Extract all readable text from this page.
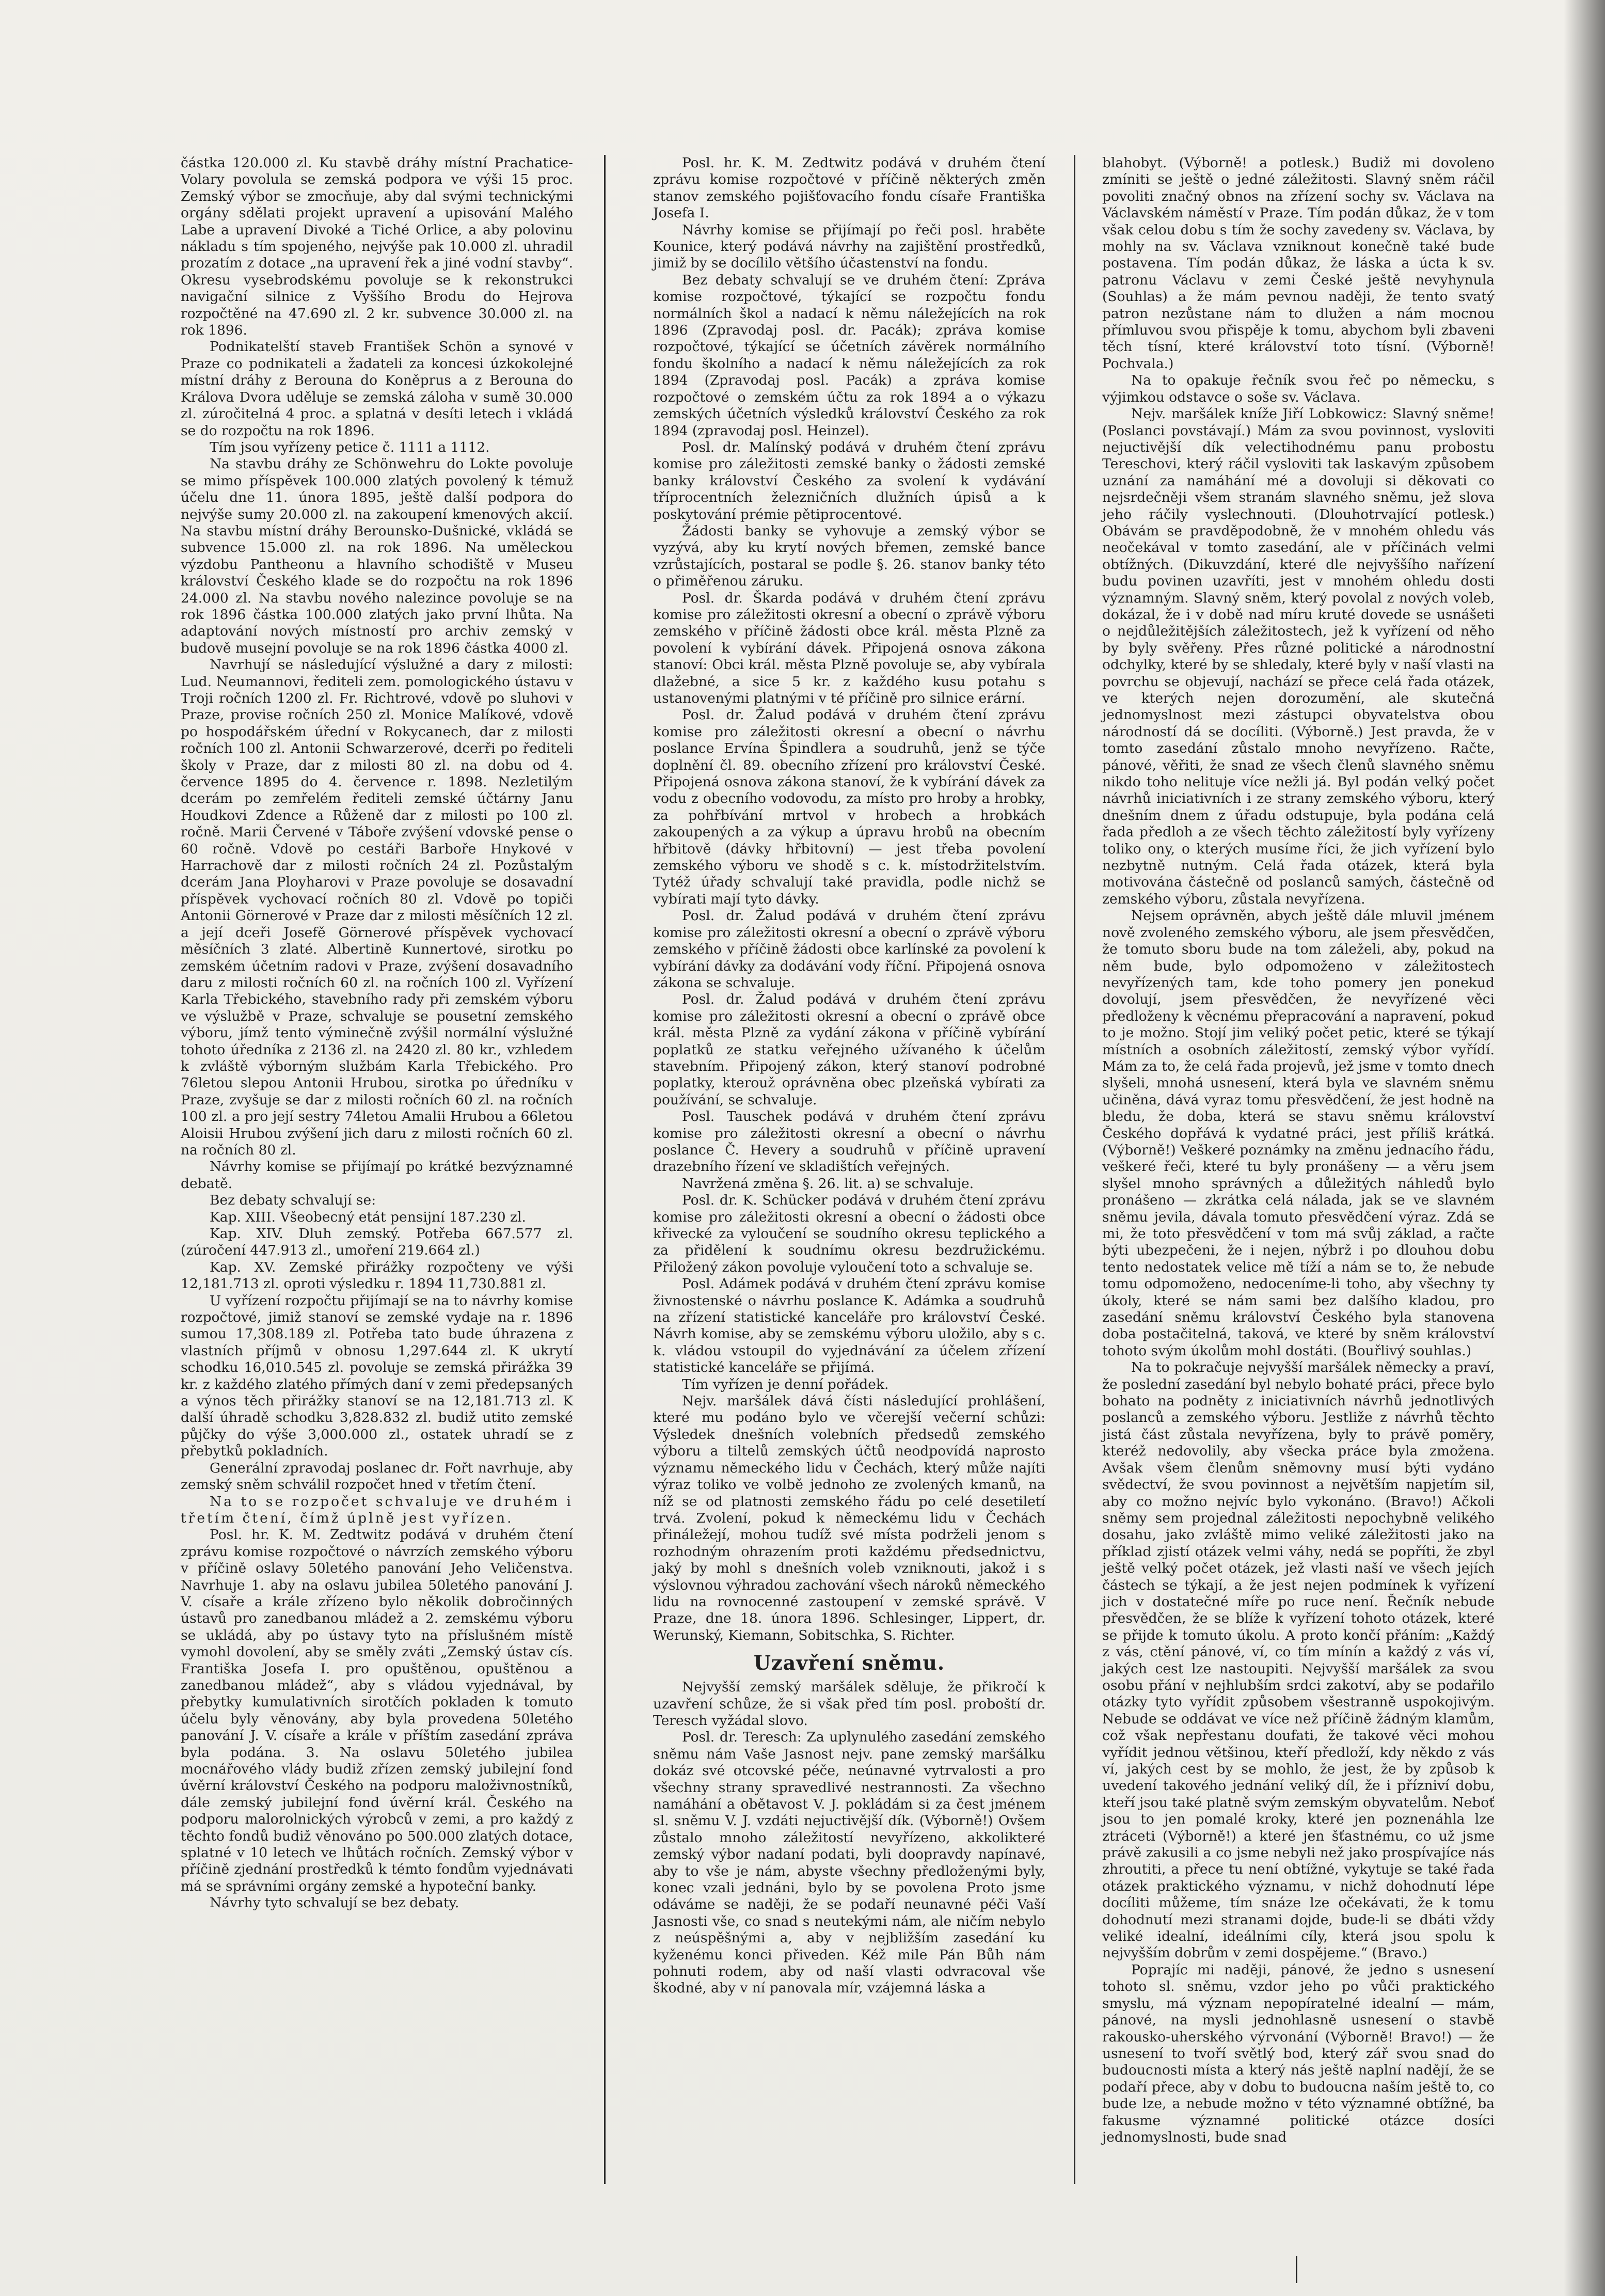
částka 120.000 zl. Ku stavbě dráhy místní Prachatice-Volary povolula se zemská podpora ve výši 15 proc. Zemský výbor se zmocňuje, aby dal svými technickými orgány sdělati projekt upravení a upisování Malého Labe a upravení Divoké a Tiché Orlice, a aby polovinu nákladu s tím spojeného, nejvýše pak 10.000 zl. uhradil prozatím z dotace „na upravení řek a jiné vodní stavby“. Okresu vysebrodskému povoluje se k rekonstrukci navigační silnice z Vyššího Brodu do Hejrova rozpočtěné na 47.690 zl. 2 kr. subvence 30.000 zl. na rok 1896.

Podnikatelští staveb František Schön a synové v Praze co podnikateli a žadateli za koncesi úzkokolejné místní dráhy z Berouna do Koněprus a z Berouna do Králova Dvora uděluje se zemská záloha v sumě 30.000 zl. zúročitelná 4 proc. a splatná v desíti letech i vkládá se do rozpočtu na rok 1896.

Tím jsou vyřízeny petice č. 1111 a 1112.

Na stavbu dráhy ze Schönwehru do Lokte povoluje se mimo příspěvek 100.000 zlatých povolený k témuž účelu dne 11. února 1895, ještě další podpora do nejvýše sumy 20.000 zl. na zakoupení kmenových akcií. Na stavbu místní dráhy Berounsko-Dušnické, vkládá se subvence 15.000 zl. na rok 1896. Na uměleckou výzdobu Pantheonu a hlavního schodiště v Museu království Českého klade se do rozpočtu na rok 1896 24.000 zl. Na stavbu nového nalezince povoluje se na rok 1896 částka 100.000 zlatých jako první lhůta. Na adaptování nových místností pro archiv zemský v budově musejní povoluje se na rok 1896 částka 4000 zl.

Navrhují se následující výslužné a dary z milosti: Lud. Neumannovi, řediteli zem. pomologického ústavu v Troji ročních 1200 zl. Fr. Richtrové, vdově po sluhovi v Praze, provise ročních 250 zl. Monice Malíkové, vdově po hospodářském úřední v Rokycanech, dar z milosti ročních 100 zl. Antonii Schwarzerové, dcerři po řediteli školy v Praze, dar z milosti 80 zl. na dobu od 4. července 1895 do 4. července r. 1898. Nezletilým dcerám po zemřelém řediteli zemské účtárny Janu Houdkovi Zdence a Růženě dar z milosti po 100 zl. ročně. Marii Červené v Táboře zvýšení vdovské pense o 60 ročně. Vdově po cestáři Barboře Hnykové v Harrachově dar z milosti ročních 24 zl. Pozůstalým dcerám Jana Ployharovi v Praze povoluje se dosavadní příspěvek vychovací ročních 80 zl. Vdově po topiči Antonii Görnerové v Praze dar z milosti měsíčních 12 zl. a její dceři Josefě Görnerové příspěvek vychovací měsíčních 3 zlaté. Albertině Kunnertové, sirotku po zemském účetním radovi v Praze, zvýšení dosavadního daru z milosti ročních 60 zl. na ročních 100 zl. Vyřízení Karla Třebického, stavebního rady při zemském výboru ve výslužbě v Praze, schvaluje se pousetní zemského výboru, jímž tento výminečně zvýšil normální výslužné tohoto úředníka z 2136 zl. na 2420 zl. 80 kr., vzhledem k zvláště výborným službám Karla Třebického. Pro 76letou slepou Antonii Hrubou, sirotka po úředníku v Praze, zvyšuje se dar z milosti ročních 60 zl. na ročních 100 zl. a pro její sestry 74letou Amalii Hrubou a 66letou Aloisii Hrubou zvýšení jich daru z milosti ročních 60 zl. na ročních 80 zl.

Návrhy komise se přijímají po krátké bezvýznamné debatě.

Bez debaty schvalují se:

Kap. XIII. Všeobecný etát pensijní 187.230 zl.

Kap. XIV. Dluh zemský. Potřeba 667.577 zl. (zúročení 447.913 zl., umoření 219.664 zl.)

Kap. XV. Zemské přirážky rozpočteny ve výši 12,181.713 zl. oproti výsledku r. 1894 11,730.881 zl.

U vyřízení rozpočtu přijímají se na to návrhy komise rozpočtové, jimiž stanoví se zemské vydaje na r. 1896 sumou 17,308.189 zl. Potřeba tato bude úhrazena z vlastních příjmů v obnosu 1,297.644 zl. K ukrytí schodku 16,010.545 zl. povoluje se zemská přirážka 39 kr. z každého zlatého přímých daní v zemi předepsaných a výnos těch přirážky stanoví se na 12,181.713 zl. K další úhradě schodku 3,828.832 zl. budiž utito zemské půjčky do výše 3,000.000 zl., ostatek uhradí se z přebytků pokladních.

Generální zpravodaj poslanec dr. Fořt navrhuje, aby zemský sněm schválil rozpočet hned v třetím čtení.

Na to se rozpočet schvaluje ve druhém i třetím čtení, čímž úplně jest vyřízen.

Posl. hr. K. M. Zedtwitz podává v druhém čtení zprávu komise rozpočtové o návrzích zemského výboru v příčině oslavy 50letého panování Jeho Veličenstva. Navrhuje 1. aby na oslavu jubilea 50letého panování J. V. císaře a krále zřízeno bylo několik dobročinných ústavů pro zanedbanou mládež a 2. zemskému výboru se ukládá, aby po ústavy tyto na příslušném místě vymohl dovolení, aby se směly zváti „Zemský ústav cís. Františka Josefa I. pro opuštěnou, opuštěnou a zanedbanou mládež“, aby s vládou vyjednával, by přebytky kumulativních sirotčích pokladen k tomuto účelu byly věnovány, aby byla provedena 50letého panování J. V. císaře a krále v příštím zasedání zpráva byla podána. 3. Na oslavu 50letého jubilea mocnářového vlády budiž zřízen zemský jubilejní fond úvěrní království Českého na podporu maloživnostníků, dále zemský jubilejní fond úvěrní král. Českého na podporu malorolnických výrobců v zemi, a pro každý z těchto fondů budiž věnováno po 500.000 zlatých dotace, splatné v 10 letech ve lhůtách ročních. Zemský výbor v příčině zjednání prostředků k témto fondům vyjednávati má se správními orgány zemské a hypoteční banky.

Návrhy tyto schvalují se bez debaty.

Posl. hr. K. M. Zedtwitz podává v druhém čtení zprávu komise rozpočtové v příčině některých změn stanov zemského pojišťovacího fondu císaře Františka Josefa I.

Návrhy komise se přijímají po řeči posl. hraběte Kounice, který podává návrhy na zajištění prostředků, jimiž by se docílilo většího účastenství na fondu.

Bez debaty schvalují se ve druhém čtení: Zpráva komise rozpočtové, týkající se rozpočtu fondu normálních škol a nadací k němu náležejících na rok 1896 (Zpravodaj posl. dr. Pacák); zpráva komise rozpočtové, týkající se účetních závěrek normálního fondu školního a nadací k němu náležejících za rok 1894 (Zpravodaj posl. Pacák) a zpráva komise rozpočtové o zemském účtu za rok 1894 a o výkazu zemských účetních výsledků království Českého za rok 1894 (zpravodaj posl. Heinzel).

Posl. dr. Malínský podává v druhém čtení zprávu komise pro záležitosti zemské banky o žádosti zemské banky království Českého za svolení k vydávání tříprocentních železničních dlužních úpisů a k poskytování prémie pětiprocentové.

Žádosti banky se vyhovuje a zemský výbor se vyzývá, aby ku krytí nových břemen, zemské bance vzrůstajících, postaral se podle §. 26. stanov banky této o přiměřenou záruku.

Posl. dr. Škarda podává v druhém čtení zprávu komise pro záležitosti okresní a obecní o zprávě výboru zemského v příčině žádosti obce král. města Plzně za povolení k vybírání dávek. Připojená osnova zákona stanoví: Obci král. města Plzně povoluje se, aby vybírala dlažebné, a sice 5 kr. z každého kusu potahu s ustanovenými platnými v té příčině pro silnice erární.

Posl. dr. Žalud podává v druhém čtení zprávu komise pro záležitosti okresní a obecní o návrhu poslance Ervína Špindlera a soudruhů, jenž se týče doplnění čl. 89. obecního zřízení pro království České. Připojená osnova zákona stanoví, že k vybírání dávek za vodu z obecního vodovodu, za místo pro hroby a hrobky, za pohřbívání mrtvol v hrobech a hrobkách zakoupených a za výkup a úpravu hrobů na obecním hřbitově (dávky hřbitovní) — jest třeba povolení zemského výboru ve shodě s c. k. místodržitelstvím. Tytéž úřady schvalují také pravidla, podle nichž se vybírati mají tyto dávky.

Posl. dr. Žalud podává v druhém čtení zprávu komise pro záležitosti okresní a obecní o zprávě výboru zemského v příčině žádosti obce karlínské za povolení k vybírání dávky za dodávání vody říční. Připojená osnova zákona se schvaluje.

Posl. dr. Žalud podává v druhém čtení zprávu komise pro záležitosti okresní a obecní o zprávě obce král. města Plzně za vydání zákona v příčině vybírání poplatků ze statku veřejného užívaného k účelům stavebním. Připojený zákon, který stanoví podrobné poplatky, kterouž oprávněna obec plzeňská vybírati za používání, se schvaluje.

Posl. Tauschek podává v druhém čtení zprávu komise pro záležitosti okresní a obecní o návrhu poslance Č. Hevery a soudruhů v příčině upravení drazebního řízení ve skladištích veřejných.

Navržená změna §. 26. lit. a) se schvaluje.

Posl. dr. K. Schücker podává v druhém čtení zprávu komise pro záležitosti okresní a obecní o žádosti obce křivecké za vyloučení se soudního okresu teplického a za přidělení k soudnímu okresu bezdružickému. Přiložený zákon povoluje vyloučení toto a schvaluje se.

Posl. Adámek podává v druhém čtení zprávu komise živnostenské o návrhu poslance K. Adámka a soudruhů na zřízení statistické kanceláře pro království České. Návrh komise, aby se zemskému výboru uložilo, aby s c. k. vládou vstoupil do vyjednávání za účelem zřízení statistické kanceláře se přijímá.

Tím vyřízen je denní pořádek.

Nejv. maršálek dává čísti následující prohlášení, které mu podáno bylo ve včerejší večerní schůzi: Výsledek dnešních volebních předsedů zemského výboru a tiltelů zemských účtů neodpovídá naprosto významu německého lidu v Čechách, který může najíti výraz toliko ve volbě jednoho ze zvolených kmanů, na níž se od platnosti zemského řádu po celé desetiletí trvá. Zvolení, pokud k německému lidu v Čechách přináležejí, mohou tudíž své místa podrželi jenom s rozhodným ohrazením proti každému předsednictvu, jaký by mohl s dnešních voleb vzniknouti, jakož i s výslovnou výhradou zachování všech nároků německého lidu na rovnocenné zastoupení v zemské správě. V Praze, dne 18. února 1896. Schlesinger, Lippert, dr. Werunský, Kiemann, Sobitschka, S. Richter.

Uzavření sněmu.

Nejvyšší zemský maršálek sděluje, že přikročí k uzavření schůze, že si však před tím posl. proboští dr. Teresch vyžádal slovo.

Posl. dr. Teresch: Za uplynulého zasedání zemského sněmu nám Vaše Jasnost nejv. pane zemský maršálku dokáz své otcovské péče, neúnavné vytrvalosti a pro všechny strany spravedlivé nestrannosti. Za všechno namáhání a obětavost V. J. pokládám si za čest jménem sl. sněmu V. J. vzdáti nejuctivější dík. (Výborně!) Ovšem zůstalo mnoho záležitostí nevyřízeno, akkolikteré zemský výbor nadaní podati, byli doopravdy napínavé, aby to vše je nám, abyste všechny předloženými byly, konec vzali jednáni, bylo by se povolena Proto jsme odáváme se naději, že se podaří neunavné péči Vaší Jasnosti vše, co snad s neutekými nám, ale ničím nebylo z neúspěšnými a, aby v nejbližším zasedání ku kyženému konci přiveden. Kéž mile Pán Bůh nám pohnuti rodem, aby od naší vlasti odvracoval vše škodné, aby v ní panovala mír, vzájemná láska a

blahobyt. (Výborně! a potlesk.) Budiž mi dovoleno zmíniti se ještě o jedné záležitosti. Slavný sněm ráčil povoliti značný obnos na zřízení sochy sv. Václava na Václavském náměstí v Praze. Tím podán důkaz, že v tom však celou dobu s tím že sochy zavedeny sv. Václava, by mohly na sv. Václava vzniknout konečně také bude postavena. Tím podán důkaz, že láska a úcta k sv. patronu Václavu v zemi České ještě nevyhynula (Souhlas) a že mám pevnou naději, že tento svatý patron nezůstane nám to dlužen a nám mocnou přímluvou svou přispěje k tomu, abychom byli zbaveni těch tísní, které království toto tísní. (Výborně! Pochvala.)

Na to opakuje řečník svou řeč po německu, s výjimkou odstavce o soše sv. Václava.

Nejv. maršálek kníže Jiří Lobkowicz: Slavný sněme! (Poslanci povstávají.) Mám za svou povinnost, vysloviti nejuctivější dík velectihodnému panu probostu Tereschovi, který ráčil vysloviti tak laskavým způsobem uznání za namáhání mé a dovoluji si děkovati co nejsrdečněji všem stranám slavného sněmu, jež slova jeho ráčily vyslechnouti. (Dlouhotrvající potlesk.) Obávám se pravděpodobně, že v mnohém ohledu vás neočekával v tomto zasedání, ale v příčinách velmi obtížných. (Dikuvzdání, které dle nejvyššího nařízení budu povinen uzavříti, jest v mnohém ohledu dosti významným. Slavný sněm, který povolal z nových voleb, dokázal, že i v době nad míru kruté dovede se usnášeti o nejdůležitějších záležitostech, jež k vyřízení od něho by byly svěřeny. Přes různé politické a národnostní odchylky, které by se shledaly, které byly v naší vlasti na povrchu se objevují, nachází se přece celá řada otázek, ve kterých nejen dorozumění, ale skutečná jednomyslnost mezi zástupci obyvatelstva obou národností dá se docíliti. (Výborně.) Jest pravda, že v tomto zasedání zůstalo mnoho nevyřízeno. Račte, pánové, věřiti, že snad ze všech členů slavného sněmu nikdo toho nelituje více nežli já. Byl podán velký počet návrhů iniciativních i ze strany zemského výboru, který dnešním dnem z úřadu odstupuje, byla podána celá řada předloh a ze všech těchto záležitostí byly vyřízeny toliko ony, o kterých musíme říci, že jich vyřízení bylo nezbytně nutným. Celá řada otázek, která byla motivována částečně od poslanců samých, částečně od zemského výboru, zůstala nevyřízena.

Nejsem oprávněn, abych ještě dále mluvil jménem nově zvoleného zemského výboru, ale jsem přesvědčen, že tomuto sboru bude na tom záleželi, aby, pokud na něm bude, bylo odpomoženo v záležitostech nevyřízených tam, kde toho pomery jen ponekud dovolují, jsem přesvědčen, že nevyřízené věci předloženy k věcnému přepracování a napravení, pokud to je možno. Stojí jim veliký počet petic, které se týkají místních a osobních záležitostí, zemský výbor vyřídí. Mám za to, že celá řada projevů, jež jsme v tomto dnech slyšeli, mnohá usnesení, která byla ve slavném sněmu učiněna, dává vyraz tomu přesvědčení, že jest hodně na bledu, že doba, která se stavu sněmu království Českého dopřává k vydatné práci, jest příliš krátká. (Výborně!) Veškeré poznámky na změnu jednacího řádu, veškeré řeči, které tu byly pronášeny — a věru jsem slyšel mnoho správných a důležitých náhledů bylo pronášeno — zkrátka celá nálada, jak se ve slavném sněmu jevila, dávala tomuto přesvědčení výraz. Zdá se mi, že toto přesvědčení v tom má svůj základ, a račte býti ubezpečeni, že i nejen, nýbrž i po dlouhou dobu tento nedostatek velice mě tíží a nám se to, že nebude tomu odpomoženo, nedoceníme-li toho, aby všechny ty úkoly, které se nám sami bez dalšího kladou, pro zasedání sněmu království Českého byla stanovena doba postačitelná, taková, ve které by sněm království tohoto svým úkolům mohl dostáti. (Bouřlivý souhlas.)

Na to pokračuje nejvyšší maršálek německy a praví, že poslední zasedání byl nebylo bohaté práci, přece bylo bohato na podněty z iniciativních návrhů jednotlivých poslanců a zemského výboru. Jestliže z návrhů těchto jistá část zůstala nevyřízena, byly to právě poměry, kteréž nedovolily, aby všecka práce byla zmožena. Avšak všem členům sněmovny musí býti vydáno svědectví, že svou povinnost a největším napjetím sil, aby co možno nejvíc bylo vykonáno. (Bravo!) Ačkoli sněmy sem projednal záležitosti nepochybně velikého dosahu, jako zvláště mimo veliké záležitosti jako na příklad zjistí otázek velmi váhy, nedá se popříti, že zbyl ještě velký počet otázek, jež vlasti naší ve všech jejích částech se týkají, a že jest nejen podmínek k vyřízení jich v dostatečné míře po ruce není. Řečník nebude přesvědčen, že se blíže k vyřízení tohoto otázek, které se přijde k tomuto úkolu. A proto končí přáním: „Každý z vás, ctění pánové, ví, co tím mínín a každý z vás ví, jakých cest lze nastoupiti. Nejvyšší maršálek za svou osobu přání v nejhlubším srdci zakotví, aby se podařilo otázky tyto vyřídit způsobem všestranně uspokojivým. Nebude se oddávat ve více než příčině žádným klamům, což však nepřestanu doufati, že takové věci mohou vyřídit jednou většinou, kteří předloží, kdy někdo z vás ví, jakých cest by se mohlo, že jest, že by způsob k uvedení takového jednání veliký díl, že i přízniví dobu, kteří jsou také platně svým zemským obyvatelům. Neboť jsou to jen pomalé kroky, které jen poznenáhla lze ztráceti (Výborně!) a které jen šťastnému, co už jsme právě zakusili a co jsme nebyli než jako prospívajíce nás zhroutiti, a přece tu není obtížné, vykytuje se také řada otázek praktického významu, v nichž dohodnutí lépe docíliti můžeme, tím snáze lze očekávati, že k tomu dohodnutí mezi stranami dojde, bude-li se dbáti vždy veliké idealní, ideálními cíly, která jsou spolu k nejvyšším dobrům v zemi dospějeme.“ (Bravo.)

Poprajíc mi naději, pánové, že jedno s usnesení tohoto sl. sněmu, vzdor jeho po vůči praktického smyslu, má význam nepopíratelné idealní — mám, pánové, na mysli jednohlasně usnesení o stavbě rakousko-uherského výrvonání (Výborně! Bravo!) — že usnesení to tvoří světlý bod, který zář svou snad do budoucnosti místa a který nás ještě naplní nadějí, že se podaří přece, aby v dobu to budoucna naším ještě to, co bude lze, a nebude možno v této významné obtížné, ba fakusme významné politické otázce dosíci jednomyslnosti, bude snad
